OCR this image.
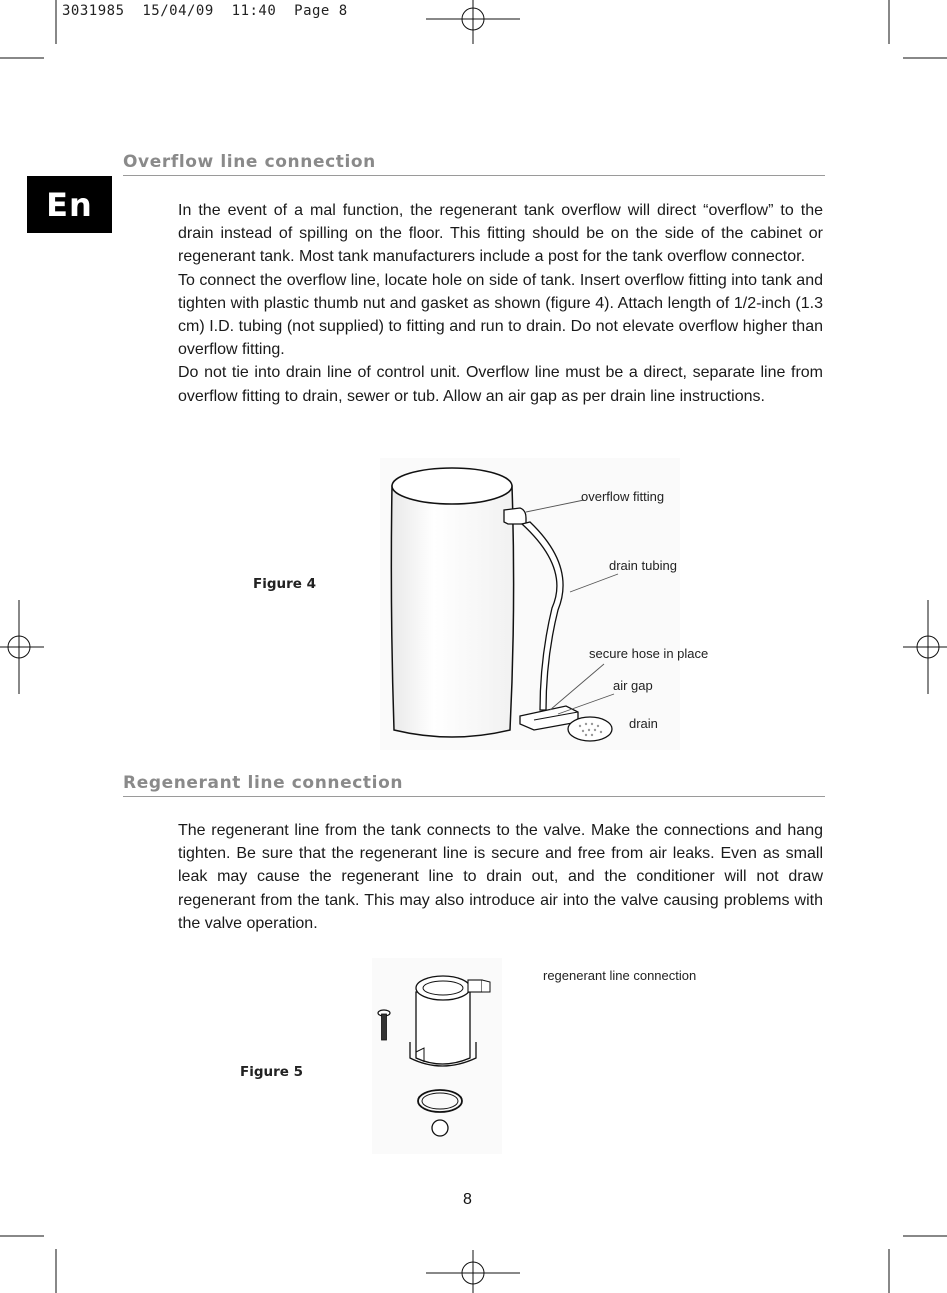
3031985  15/04/09  11:40  Page 8
Overflow line connection
En	In the event of a mal function, the regenerant tank overflow will direct “overflow” to the drain instead of spilling on the floor. This fitting should be on the side of the cabinet or regenerant tank. Most tank manufacturers include a post for the tank overflow connector.

To connect the overflow line, locate hole on side of tank. Insert overflow fitting into tank and tighten with plastic thumb nut and gasket as shown (figure 4). Attach length of 1/2-inch (1.3 cm) I.D. tubing (not supplied) to fitting and run to drain. Do not elevate overflow higher than overflow fitting.

Do not tie into drain line of control unit. Overflow line must be a direct, separate line from overflow fitting to drain, sewer or tub. Allow an air gap as per drain line instructions.

Figure 4
overflow fitting
drain tubing
secure hose in place
air gap
drain
Regenerant line connection

The regenerant line from the tank connects to the valve. Make the connections and hang tighten. Be sure that the regenerant line is secure and free from air leaks. Even as small leak may cause the regenerant line to drain out, and the conditioner will not draw regenerant from the tank. This may also introduce air into the valve causing problems with the valve operation.

Figure 5
regenerant line connection
8
